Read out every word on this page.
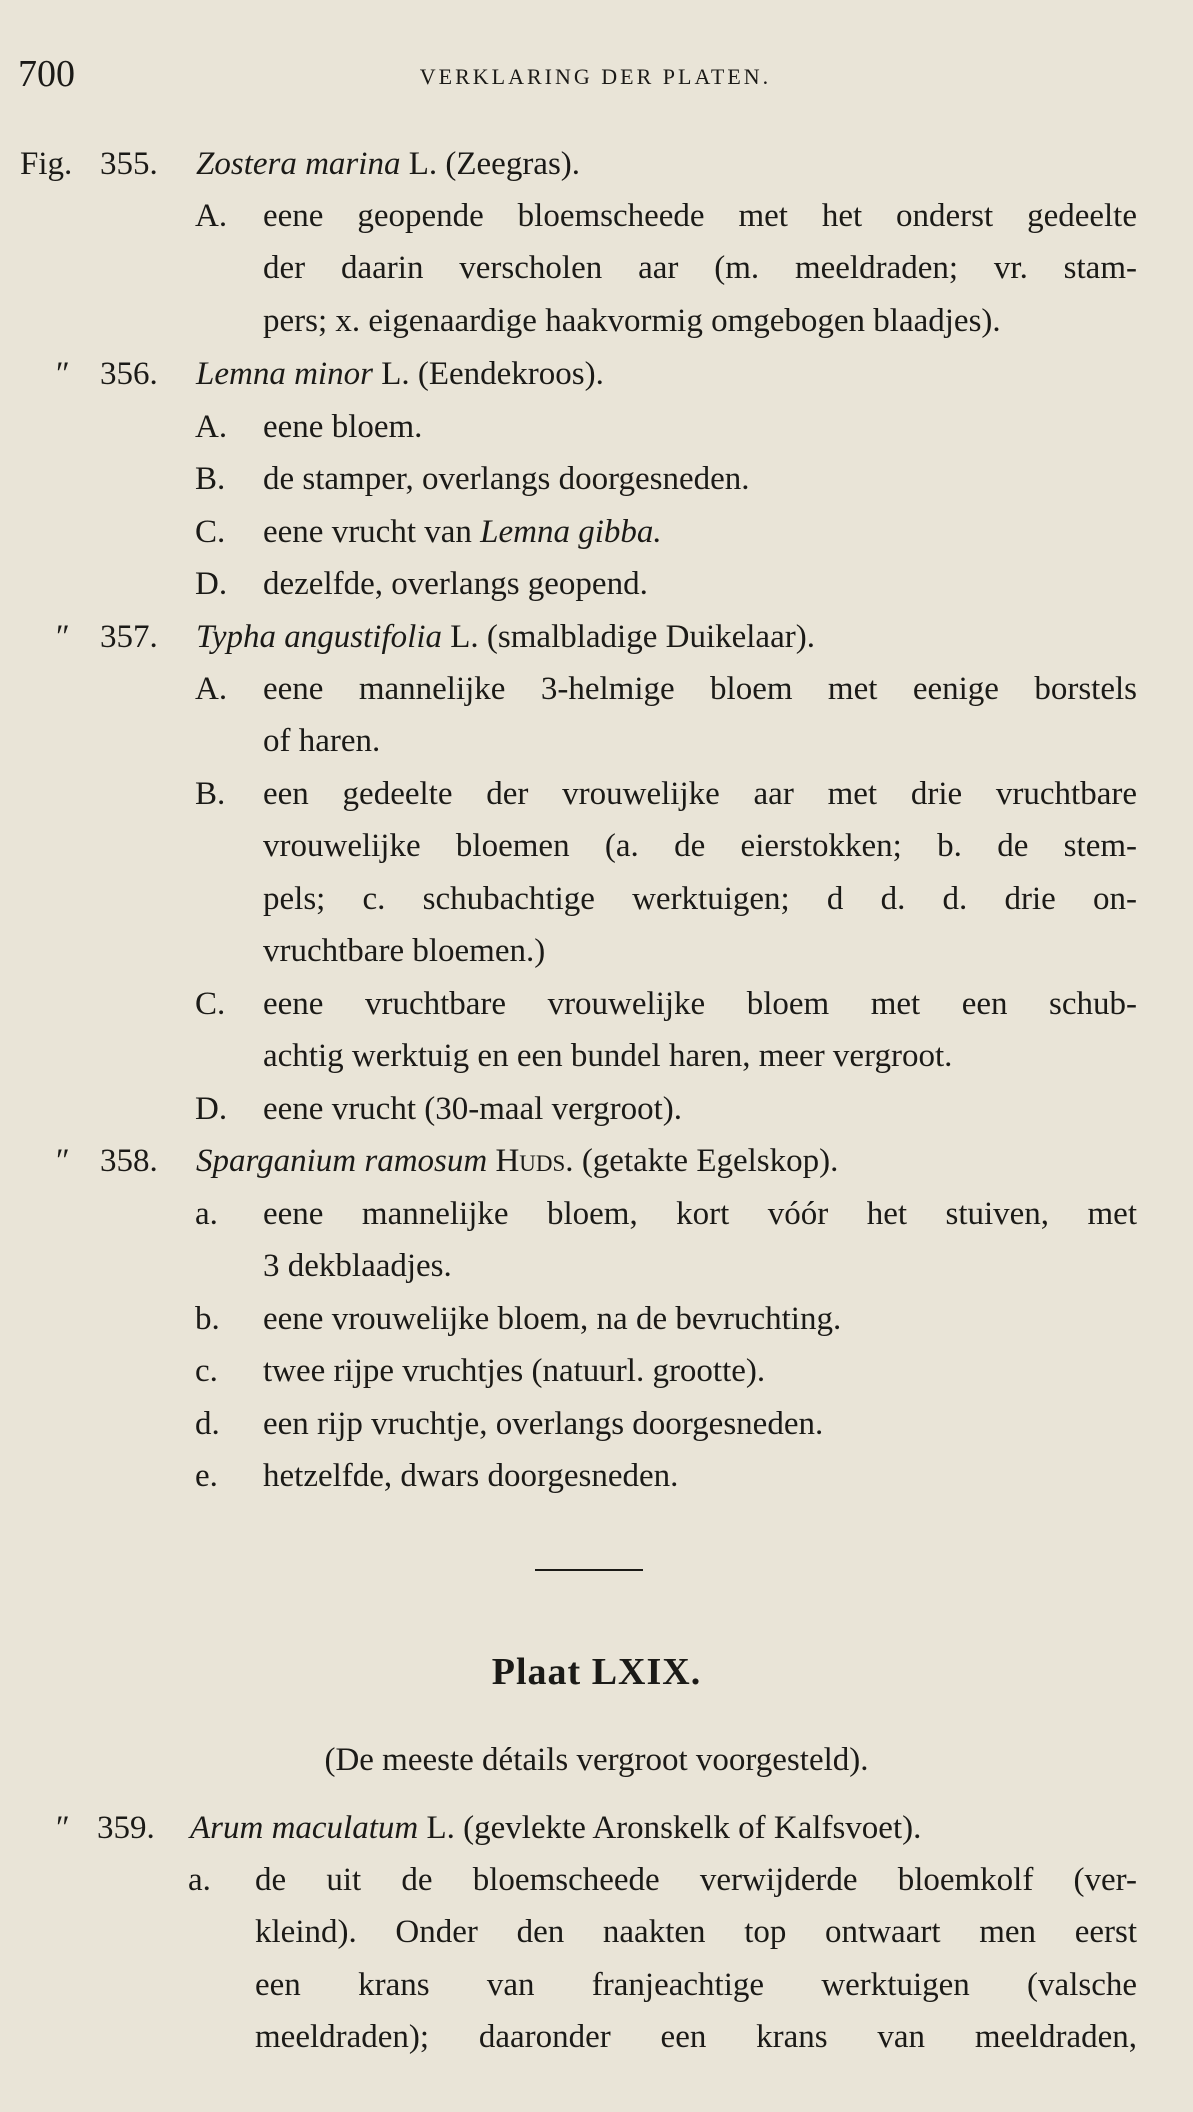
700	VERKLARING DER PLATEN.
Fig. 355. Zostera marina L. (Zeegras).
A. eene geopende bloemscheede met het onderst gedeelte
der daarin verscholen aar (m. meeldraden; vr. stam-
pers; x. eigenaardige haakvormig omgebogen blaadjes).
″ 356. Lemna minor L. (Eendekroos).
A. eene bloem.
B. de stamper, overlangs doorgesneden.
C. eene vrucht van Lemna gibba.
D. dezelfde, overlangs geopend.
″ 357. Typha angustifolia L. (smalbladige Duikelaar).
A. eene mannelijke 3-helmige bloem met eenige borstels
of haren.
B. een gedeelte der vrouwelijke aar met drie vruchtbare
vrouwelijke bloemen (a. de eierstokken; b. de stem-
pels; c. schubachtige werktuigen; d d. d. drie on-
vruchtbare bloemen.)
C. eene vruchtbare vrouwelijke bloem met een schub-
achtig werktuig en een bundel haren, meer vergroot.
D. eene vrucht (30-maal vergroot).
″ 358. Sparganium ramosum Huds. (getakte Egelskop).
a. eene mannelijke bloem, kort vóór het stuiven, met
3 dekblaadjes.
b. eene vrouwelijke bloem, na de bevruchting.
c. twee rijpe vruchtjes (natuurl. grootte).
d. een rijp vruchtje, overlangs doorgesneden.
e. hetzelfde, dwars doorgesneden.
Plaat LXIX.
(De meeste détails vergroot voorgesteld).
″ 359. Arum maculatum L. (gevlekte Aronskelk of Kalfsvoet).
a. de uit de bloemscheede verwijderde bloemkolf (ver-
kleind). Onder den naakten top ontwaart men eerst
een krans van franjeachtige werktuigen (valsche
meeldraden); daaronder een krans van meeldraden,
